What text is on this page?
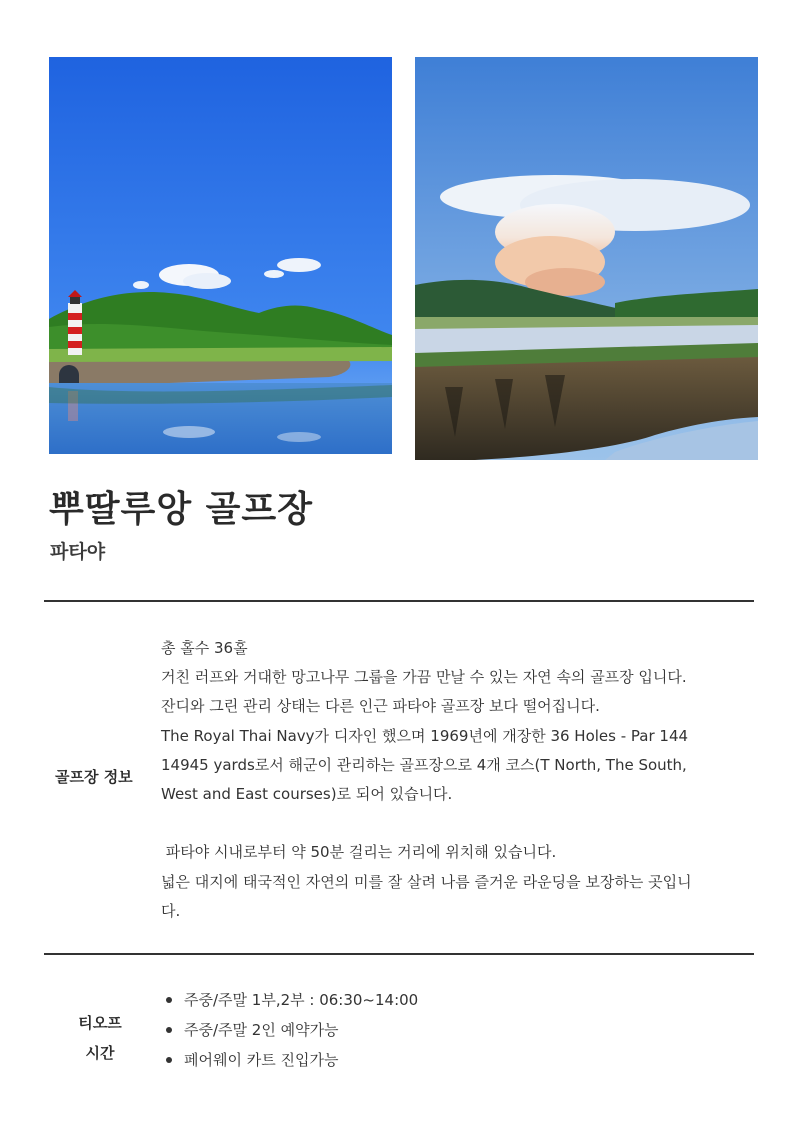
뿌딸루앙 골프장
파타야
골프장 정보
총 홀수 36홀
거친 러프와 거대한 망고나무 그룹을 가끔 만날 수 있는 자연 속의 골프장 입니다.
잔디와 그린 관리 상태는 다른 인근 파타야 골프장 보다 떨어집니다.
The Royal Thai Navy가 디자인 했으며 1969년에 개장한 36 Holes - Par 144
14945 yards로서 해군이 관리하는 골프장으로 4개 코스(T North, The South,
West and East courses)로 되어 있습니다.
파타야 시내로부터 약 50분 걸리는 거리에 위치해 있습니다.
넓은 대지에 태국적인 자연의 미를 잘 살려 나름 즐거운 라운딩을 보장하는 곳입니
다.
티오프
시간
주중/주말 1부,2부 : 06:30~14:00
주중/주말 2인 예약가능
페어웨이 카트 진입가능
